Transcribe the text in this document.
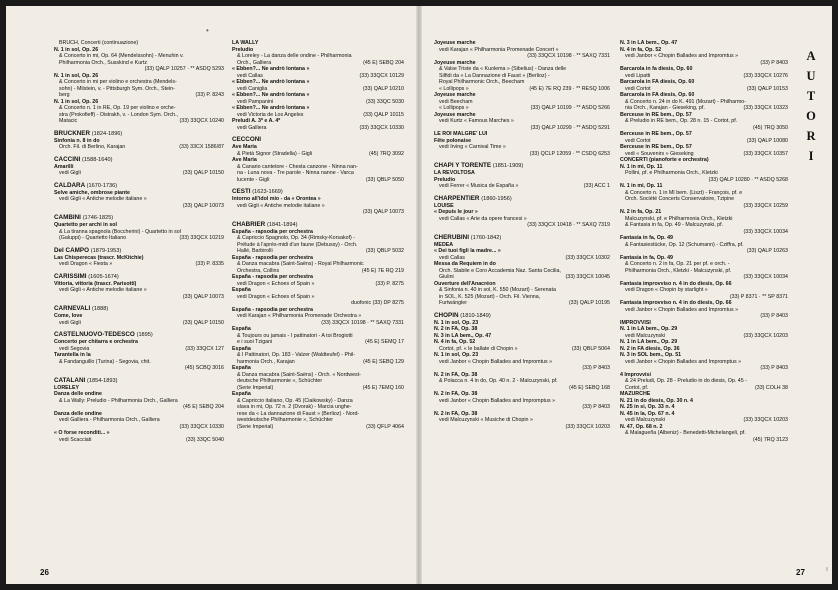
•
BRUCH, Concerti (continuazione)
N. 1 in sol, Op. 26
& Concerto in mi, Op. 64 (Mendelssohn) - Menuhin v.
Philharmonia Orch., Susskind e Kurtz
(33) QALP 10257 · ** ASDQ 5293
N. 1 in sol, Op. 26
& Concerto in mi per violino e orchestra (Mendels-
sohn) - Milstein, v. - Pittsburgh Sym. Orch., Stein-
(33) P. 8243
berg
N. 1 in sol, Op. 26
& Concerto n. 1 in RE, Op. 19 per violino e orche-
stra (Prokofieff) - Oistrakh, v. - London Sym. Orch.,
(33) 33QCX 10240
Matacic
BRUCKNER (1824-1896)
Sinfonia n. 8 in do
(33) 33CX 1586/87
Orch. Fil. di Berlino, Karajan
CACCINI (1588-1640)
Amarilli
(33) QALP 10150
vedi Gigli
CALDARA (1670-1736)
Selve amiche, ombrose piante
vedi Gigli « Antiche melodie italiane »
(33) QALP 10073
CAMBINI (1746-1825)
Quartetto per archi in sol
& La tiranna spagnola (Boccherini) - Quartetto in sol
(33) 33QCX 10219
(Galuppi) - Quartetto Italiano
Del CAMPO (1879-1953)
Las Chisperecas (trascr. McKitchie)
(33) P. 8335
vedi Dragon « Fiesta »
CARISSIMI (1605-1674)
Vittoria, vittoria (trascr. Parisotti)
vedi Gigli « Antiche melodie italiane »
(33) QALP 10073
CARNEVALI (1888)
Come, love
(33) QALP 10150
vedi Gigli
CASTELNUOVO-TEDESCO (1895)
Concerto per chitarra e orchestra
(33) 33QCX 127
vedi Segovia
Tarantella in la
& Fandanguillo (Turina) - Segovia, chit.
(45) SCBQ 3016
CATALANI (1854-1893)
LORELEY
Danza delle ondine
& La Wally: Preludio - Philharmonia Orch., Galliera
(45 E) SEBQ 204
Danza delle ondine
vedi Galliera - Philharmonia Orch., Galliera
(33) 33QCX 10330
« O forse reconditi... »
(33) 33QC 5040
vedi Scacciati
LA WALLY
Preludio
& Loreley - La danza delle ondine - Philharmonia
(45 E) SEBQ 204
Orch., Galliera
« Ebben?... Ne andrò lontana »
(33) 33QCX 10129
vedi Callas
« Ebben?... Ne andrò lontana »
(33) QALP 10210
vedi Caniglia
« Ebben?... Ne andrò lontana »
(33) 33QC 5030
vedi Pampanini
« Ebben?... Ne andrò lontana »
(33) QALP 10115
vedi Victoria de Los Angeles
Preludi A. 3º e A. 4º
(33) 33QCX 10330
vedi Galliera
CECCONI
Ave Maria
(45) 7RQ 3092
& Pietà Signor (Stradella) - Gigli
Ave Maria
& Canario cantetore - Chesta canzone - Ninna nan-
na - Luna nova - Tre parole - Ninna nanne - Varca
(33) QBLP 5050
lucente - Gigli
CESTI (1623-1669)
Intorno all'idol mio - da « Orontea »
vedi Gigli « Antiche melodie italiane »
(33) QALP 10073
CHABRIER (1841-1894)
España - rapsodia per orchestra
& Capriccio Spagnolo, Op. 34 (Rimsky-Korsakof) -
Prélude à l'après-midi d'un faune (Debussy) - Orch.
(33) QBLP 5032
Hallé, Barbirolli
España - rapsodia per orchestra
& Danza macabra (Saint-Saëns) - Royal Philharmonic
(45 E) 7E RQ 219
Orchestra, Collins
España - rapsodia per orchestra
(33) P. 8275
vedi Dragon « Echoes of Spain »
España
vedi Dragon « Echoes of Spain »
duofonic (33) DP 8275
España - rapsodia per orchestra
vedi Karajan « Philharmonia Promenade Orchestra »
(33) 33QCX 10198 · ** SAXQ 7331
España
& Toujours ou jamais - I pattinatori - A toi Brogiotti
(45 E) SEMQ 17
e i suoi Tzigani
España
& I Pattinatori, Op. 183 - Valzer (Waldteufel) - Phil-
(45 E) SEBQ 129
harmonia Orch., Karajan
España
& Danza macabra (Saint-Saëns) - Orch. « Nordwest-
deutsche Philharmonie », Schüchter
(45 E) 7EMQ 160
(Serie Imperial)
España
& Capriccio italiano, Op. 45 (Ciaikowsky) - Danza
slava in mi, Op. 72 n. 2 (Dvorak) - Marcia unghe-
rese da « La dannazione di Faust » (Berlioz) - Nord-
westdeutsche Philharmonie », Schüchter
(33) QFLP 4064
(Serie Imperial)
26
Joyeuse marche
vedi Karajan « Philharmonia Promenade Concert »
(33) 33QCX 10198 · ** SAXQ 7331
Joyeuse marche
& Valse Triste da « Kuolema » (Sibelius) - Danza delle
Silfidi da « La Dannazione di Faust » (Berlioz) -
Royal Philharmonic Orch., Beecham
(45 E) 7E RQ 239 · ** RESQ 1006
« Lollipops »
Joyeuse marche
vedi Beecham
(33) QALP 10199 · ** ASDQ 5266
« Lollipops »
Joyeuse marche
vedi Kurtz « Famous Marches »
(33) QALP 10299 · ** ASDQ 5291
LE ROI MALGRE' LUI
Fête polonaise
vedi Irving « Carnival Time »
(33) QCLP 12059 · ** CSDQ 6253
CHAPI Y TORENTE (1851-1909)
LA REVOLTOSA
Preludio
(33) ACC 1
vedi Ferrer « Musica de España »
CHARPENTIER (1860-1956)
LOUISE
« Depuis le jour »
vedi Callas « Arie da opere francesi »
(33) 33QCX 10418 · ** SAXQ 7319
CHERUBINI (1760-1842)
MEDEA
« Dei tuoi figli la madre... »
(33) 33QCX 10302
vedi Callas
Messa da Requiem in do
Orch. Stabile e Coro Accademia Naz. Santa Cecilia,
(33) 33QCX 10045
Giulini
Ouverture dell'Anacréon
& Sinfonia n. 40 in sol, K. 550 (Mozart) - Serenata
in SOL, K. 525 (Mozart) - Orch. Fil. Vienna,
(33) QALP 10195
Furtwängler
CHOPIN (1810-1849)
N. 1 in sol, Op. 23
N. 2 in FA, Op. 38
N. 3 in LA bem., Op. 47
N. 4 in fa, Op. 52
(33) QBLP 5064
Cortot, pf. « le ballate di Chopin »
N. 1 in sol, Op. 23
vedi Janbor « Chopin Ballades and Impromtus »
(33) P 8403
N. 2 in FA, Op. 38
& Polacca n. 4 in do, Op. 40 n. 2 - Malcuzynski, pf.
(45 E) SEBQ 168
N. 2 in FA, Op. 38
vedi Janbor « Chopin Ballades and Impromptus »
(33) P 8403
N. 2 in FA, Op. 38
vedi Malcuzynski « Musiche di Chopin »
(33) 33QCX 10203
N. 3 in LA bem., Op. 47
N. 4 in fa, Op. 52
vedi Janbor « Chopin Ballades and Impromtus »
(33) P 8403
Barcarola in fa diesis, Op. 60
(33) 33QCX 10276
vedi Lipatti
Barcarola in FA diesis, Op. 60
(33) QALP 10153
vedi Cortot
Barcarola in FA diesis, Op. 60
& Concerto n. 24 in do K. 491 (Mozart) - Philharmo-
(33) 33QCX 10323
nia Orch., Karajan - Gieseking, pf.
Berceuse in RE bem., Op. 57
& Preludio in RE bem., Op. 28 n. 15 - Cortot, pf.
(45) 7RQ 3050
Berceuse in RE bem., Op. 57
(33) QALP 10080
vedi Cortot
Berceuse in RE bem., Op. 57
(33) 33QCX 10357
vedi « Souvenirs » Gieseking
CONCERTI (pianoforte e orchestra)
N. 1 in mi, Op. 11
Pollini, pf. e Philharmonia Orch., Kletzki
(33) QALP 10280 · ** ASDQ 5268
N. 1 in mi, Op. 11
& Concerto n. 1 in MI bem. (Liszt) - François, pf. e
Orch. Société Concerts Conservatoire, Tzipine
(33) 33QCX 10259
N. 2 in fa, Op. 21
Malcuzynski, pf. e Philharmonia Orch., Kletzki
& Fantasia in fa, Op. 49 - Malcuzynski, pf.
(33) 33QCX 10034
Fantasia in fa, Op. 49
& Fantasiestücke, Op. 12 (Schumann) - Cziffra, pf.
(33) QALP 10263
Fantasia in fa, Op. 49
& Concerto n. 2 in fa, Op. 21 per pf. e orch. -
Philharmonia Orch., Kletzki - Malcuzynski, pf.
(33) 33QCX 10034
Fantasia improvviso n. 4 in do diesis, Op. 66
vedi Dragon « Chopin by starlight »
(33) P 8371 · ** SP 8371
Fantasia improvviso n. 4 in do diesis, Op. 66
vedi Janbor « Chopin Ballades and Impromtus »
(33) P 8403
IMPROVVISI
N. 1 in LA bem., Op. 29
(33) 33QCX 10203
vedi Malcuzynski
N. 1 in LA bem., Op. 29
N. 2 in FA diesis, Op. 36
N. 3 in SOL bem., Op. 51
vedi Janbor « Chopin Ballades and Impromptus »
(33) P 8403
4 Improvvisi
& 24 Preludi, Op. 28 - Preludio in do diesis, Op. 45 -
(33) COLH 38
Cortot, pf.
MAZURCHE
N. 21 in do diesis, Op. 30 n. 4
N. 25 in si, Op. 33 n. 4
N. 45 in la, Op. 67 n. 4
(33) 33QCX 10203
vedi Malcuzynski
N. 47, Op. 68 n. 2
& Malagueña (Albeniz) - Benedetti-Michelangeli, pf.
(45) 7RQ 3123
A
U
T
O
R
I
27	ı
